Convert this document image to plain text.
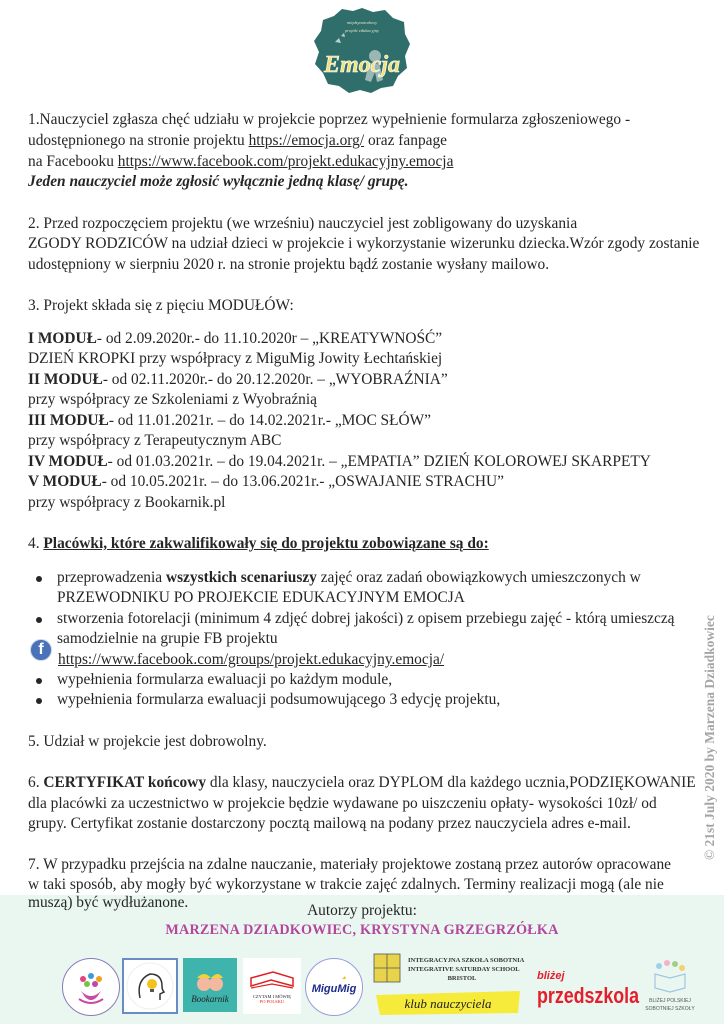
międzynarodowy
projekt edukacyjny
Emocja
1.Nauczyciel zgłasza chęć udziału w projekcie poprzez wypełnienie formularza zgłoszeniowego -
udostępnionego na stronie projektu https://emocja.org/ oraz fanpage
na Facebooku https://www.facebook.com/projekt.edukacyjny.emocja
Jeden nauczyciel może zgłosić wyłącznie jedną klasę/ grupę.
2. Przed rozpoczęciem projektu (we wrześniu) nauczyciel jest zobligowany do uzyskania
ZGODY RODZICÓW na udział dzieci w projekcie i wykorzystanie wizerunku dziecka.Wzór zgody zostanie
udostępniony w sierpniu 2020 r. na stronie projektu bądź zostanie wysłany mailowo.
3. Projekt składa się z pięciu MODUŁÓW:
I MODUŁ- od 2.09.2020r.- do 11.10.2020r – „KREATYWNOŚĆ”
DZIEŃ KROPKI przy współpracy z MiguMig Jowity Łechtańskiej
II MODUŁ- od 02.11.2020r.- do 20.12.2020r. – „WYOBRAŹNIA”
przy współpracy ze Szkoleniami z Wyobraźnią
III MODUŁ- od 11.01.2021r. – do 14.02.2021r.- „MOC SŁÓW”
przy współpracy z Terapeutycznym ABC
IV MODUŁ- od 01.03.2021r. – do 19.04.2021r. – „EMPATIA” DZIEŃ KOLOROWEJ SKARPETY
V MODUŁ- od 10.05.2021r. – do 13.06.2021r.- „OSWAJANIE STRACHU”
przy współpracy z Bookarnik.pl
4. Placówki, które zakwalifikowały się do projektu zobowiązane są do:
przeprowadzenia wszystkich scenariuszy zajęć oraz zadań obowiązkowych umieszczonych w
PRZEWODNIKU PO PROJEKCIE EDUKACYJNYM EMOCJA
stworzenia fotorelacji (minimum 4 zdjęć dobrej jakości) z opisem przebiegu zajęć - którą umieszczą
samodzielnie na grupie FB projektu
f
https://www.facebook.com/groups/projekt.edukacyjny.emocja/
wypełnienia formularza ewaluacji po każdym module,
wypełnienia formularza ewaluacji podsumowującego 3 edycję projektu,
5. Udział w projekcie jest dobrowolny.
6. CERTYFIKAT końcowy dla klasy, nauczyciela oraz DYPLOM dla każdego ucznia,PODZIĘKOWANIE
dla placówki za uczestnictwo w projekcie będzie wydawane po uiszczeniu opłaty- wysokości 10zł/ od
grupy. Certyfikat zostanie dostarczony pocztą mailową na podany przez nauczyciela adres e-mail.
7. W przypadku przejścia na zdalne nauczanie, materiały projektowe zostaną przez autorów opracowane
w taki sposób, aby mogły być wykorzystane w trakcie zajęć zdalnych. Terminy realizacji mogą (ale nie
muszą) być wydłużanone.	Autorzy projektu:
MARZENA DZIADKOWIEC, KRYSTYNA GRZEGRZÓŁKA
Bookarnik	CZYTAM I MÓWIĘ
PO POLSKU
MiguMig
INTEGRACYJNA SZKOŁA SOBOTNIA
INTEGRATIVE SATURDAY SCHOOL
BRISTOL
klub nauczyciela
bliżej
przedszkola BLIŻEJ POLSKIEJ
SOBOTNIEJ SZKOŁY
© 21st July 2020 by Marzena Dziadkowiec
